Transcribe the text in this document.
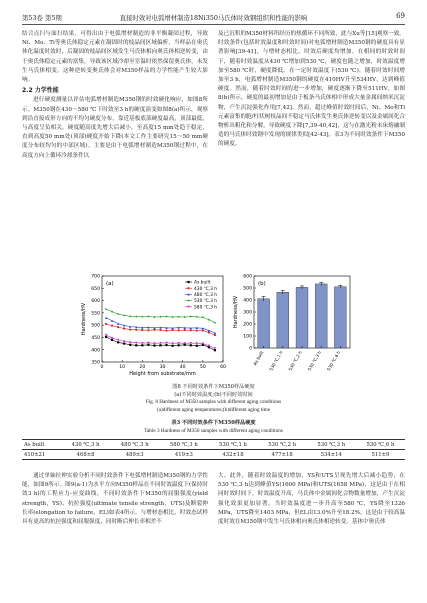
第53卷 第5期	直接时效对电弧增材制造18Ni350马氏体时效钢组织和性能的影响	69

结合点扫与面扫结果，可得出由于电弧增材制造的非平衡凝固过程，导致Ni、Mo、Ti等奥氏体稳定元素在凝固时的枝晶间区域偏析，当样品在奥氏体化温度时效时，后凝固的枝晶间区域发生马氏体相向奥氏体相逆转变，由于奥氏体稳定元素的富集，导致该区域冷却至室温时依然保留奥氏体，未发生马氏体相变，这种逆转变奥氏体会对M350样品的力学性能产生较大影响。

2.2 力学性能

进行硬度测量以评估电弧增材制造M350钢的时效硬化响应，如图8所示。M350钢在430～580 ℃下时效至3 h的硬度演变如图8(a)所示，观察到沿直接成形方向的不均匀硬度分布，靠近基板底部硬度最高，顶部最低，与高度呈负相关。硬度随高度先增大后减小，至高度15 mm处趋于稳定，直到高度50 mm处(顶部)硬度开始下降(本文工作主要研究15～50 mm硬度分布较均匀的中部区域)。主要是由于电弧增材制造M350钢过程中，在高度方向上循环冷却条件以

及已沉积的M350材料所经历的热循环不同所致，此与Xu等[15]观察一致。时效条件(包括时效温度和时效时间)对电弧增材制造M350钢的硬度具有显著影响[39-41]，与增材态相比，时效后硬度均增加。在相同的时效时间下，随着时效温度从430 ℃增加到530 ℃，硬度也随之增加，时效温度增加至580 ℃时，硬度降低。在一定时效温度下(530 ℃)，随着时效时间增加至3 h，电弧增材制造M350钢的硬度在410HV升至534HV，达到峰值硬度。然而，随着时效时间的进一步增加，硬度逐渐下降至511HV，如图8(b)所示。硬度的最初增加是由于板条马氏体相中形成大量金属间纳米沉淀物，产生沉淀强化作用[7,42]。然而，超过峰值时效时间后，Ni、Mo和Ti元素富集的胞/柱状树枝晶间不稳定马氏体发生奥氏体逆转变以及金属间化合物析出粗化和分解，导致硬度下降[7,39-40,42]，这与在激光粉末床熔融制造的马氏体时效钢中发现的规律类似[42-43]。表3为不同时效条件下M350的硬度。

0	10	20	30	40	50	60
350
400
450
500
550
600
650
700
Height from substrate/mm
Hardness/HV
(a)	As built
430 ℃,3 h
480 ℃,3 h
530 ℃,3 h
580 ℃,3 h
0
100
200
300
400
500
600
Hardness/HV
(b)
As built 530 ℃,1 h 530 ℃,2 h 530 ℃,3 h 530 ℃,6 h
图8 不同时效条件下M350样品硬度
(a)不同时效温度;(b)不同时效时间
Fig. 8 Hardness of M350 samples with different aging conditions
(a)different aging temperatures;(b)different aging time
表3 不同时效条件下M350样品硬度
Table 3 Hardness of M350 samples with different aging conditions
As built	430 ℃,3 h	480 ℃,3 h	580 ℃,3 h	530 ℃,1 h	530 ℃,2 h	530 ℃,3 h	530 ℃,6 h
410±21	468±8	489±3	419±3	432±18	477±18	534±14	511±9

通过单轴拉伸实验分析不同时效条件下电弧增材制造M350钢的力学性能，如图9所示。图9(a-1)为水平方向M350样品在不同时效温度下(保持时效3 h)的工程应力-应变曲线。不同时效条件下M350的屈服强度(yield strength，YS)、抗拉强度(ultimate tensile strength，UTS)及断裂伸长率(elongation to failure，EL)如表4所示。与增材态相比，时效态试样具有更高的抗拉强度和屈服强度，同时断后伸长率相差不

大。此外，随着时效温度的增加，YS和UTS呈现先增大后减小趋势，在530 ℃,3 h达到峰值YS(1600 MPa)和UTS(1658 MPa)，这是由于在相同时效时间下，时效温度升高，马氏体中金属间化合物数量增加，产生沉淀强化效果更加显著。当时效温度进一步升高至580 ℃，YS降至1326 MPa，UTS降至1403 MPa，但EL由13.0%升至18.2%，这是由于较高温度时效在M350钢中发生马氏体相向奥氏体相逆转变，基体中奥氏体
